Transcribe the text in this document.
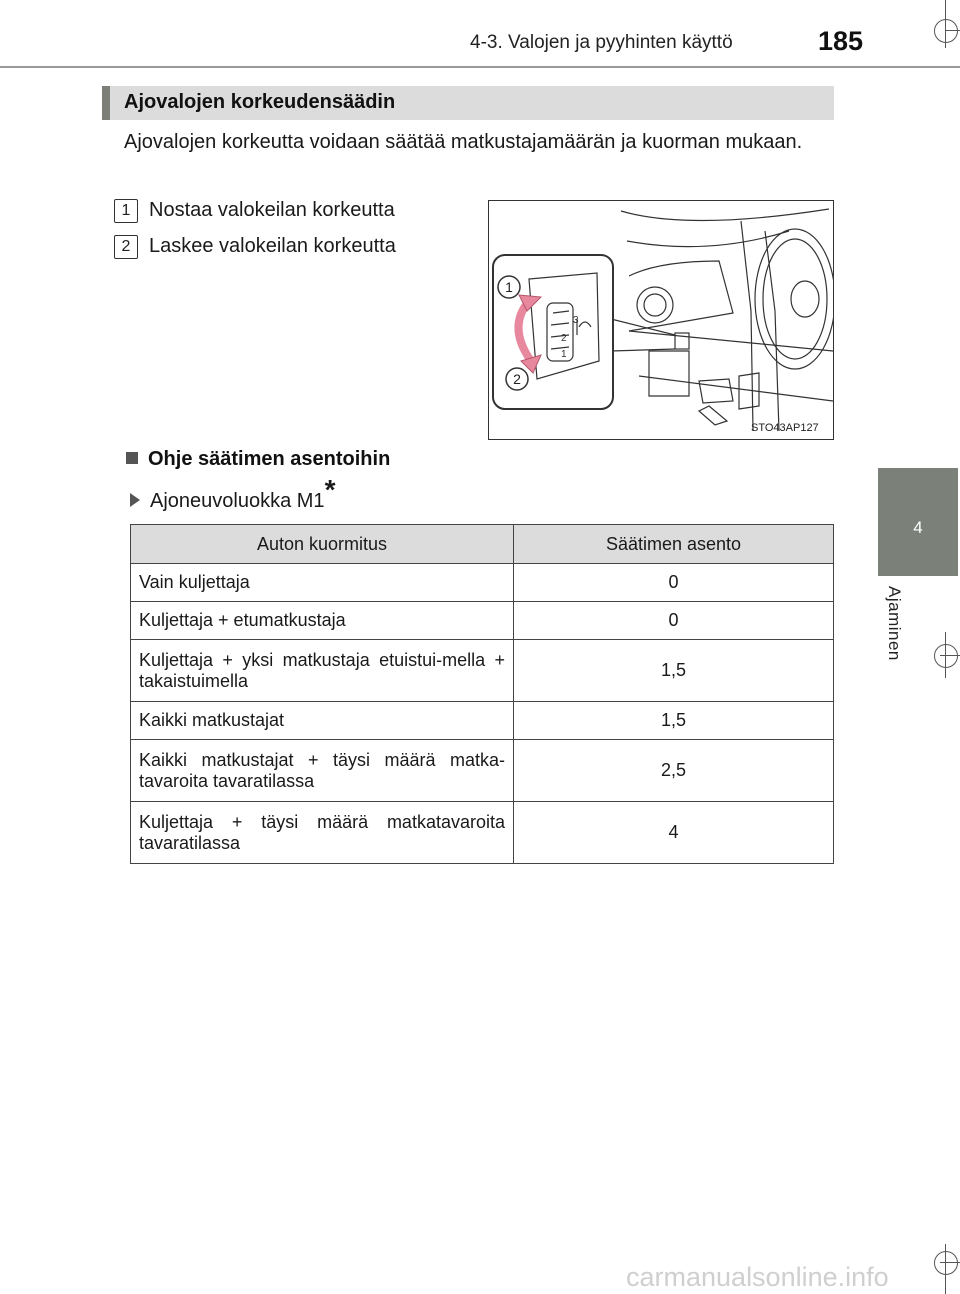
4-3. Valojen ja pyyhinten käyttö	185
4
Ajaminen
Ajovalojen korkeudensäädin
Ajovalojen korkeutta voidaan säätää matkustajamäärän ja kuorman mukaan.
1 Nostaa valokeilan korkeutta
2 Laskee valokeilan korkeutta
3
2
1
1
2
STO43AP127
Ohje säätimen asentoihin
Ajoneuvoluokka M1*
Auton kuormitus	Säätimen asento
Vain kuljettaja	0
Kuljettaja + etumatkustaja	0
Kuljettaja + yksi matkustaja etuistui-mella + takaistuimella	1,5
Kaikki matkustajat	1,5
Kaikki matkustajat + täysi määrä matka-tavaroita tavaratilassa	2,5
Kuljettaja + täysi määrä matkatavaroita tavaratilassa	4
carmanualsonline.info
